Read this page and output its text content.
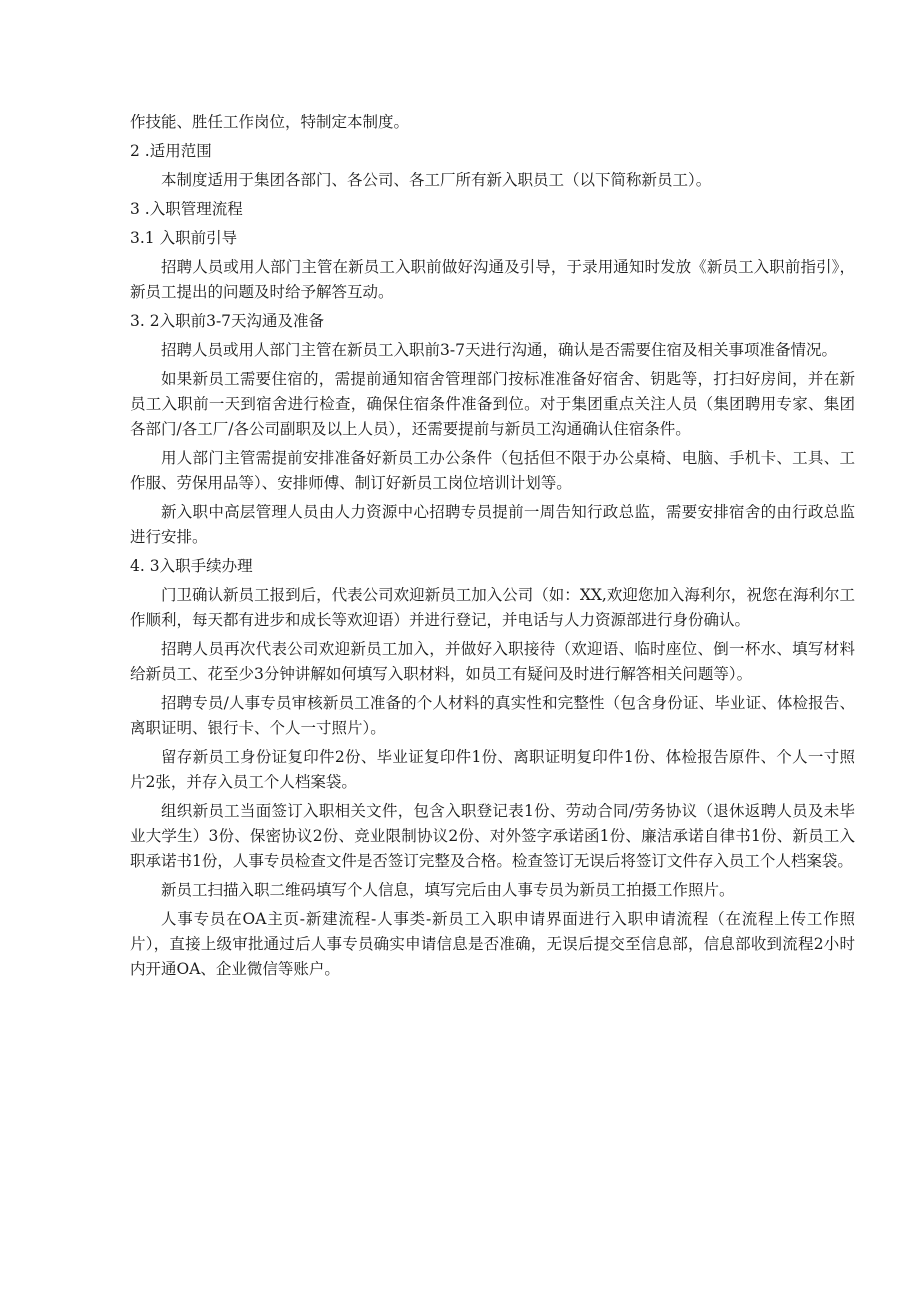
作技能、胜任工作岗位，特制定本制度。
2 .适用范围

本制度适用于集团各部门、各公司、各工厂所有新入职员工（以下简称新员工）。

3 .入职管理流程
3.1 入职前引导

招聘人员或用人部门主管在新员工入职前做好沟通及引导，于录用通知时发放《新员工入职前指引》，新员工提出的问题及时给予解答互动。

3. 2入职前3-7天沟通及准备

招聘人员或用人部门主管在新员工入职前3-7天进行沟通，确认是否需要住宿及相关事项准备情况。

如果新员工需要住宿的，需提前通知宿舍管理部门按标准准备好宿舍、钥匙等，打扫好房间，并在新员工入职前一天到宿舍进行检查，确保住宿条件准备到位。对于集团重点关注人员（集团聘用专家、集团各部门/各工厂/各公司副职及以上人员），还需要提前与新员工沟通确认住宿条件。

用人部门主管需提前安排准备好新员工办公条件（包括但不限于办公桌椅、电脑、手机卡、工具、工作服、劳保用品等）、安排师傅、制订好新员工岗位培训计划等。

新入职中高层管理人员由人力资源中心招聘专员提前一周告知行政总监，需要安排宿舍的由行政总监进行安排。

4. 3入职手续办理

门卫确认新员工报到后，代表公司欢迎新员工加入公司（如：XX,欢迎您加入海利尔，祝您在海利尔工作顺利，每天都有进步和成长等欢迎语）并进行登记，并电话与人力资源部进行身份确认。

招聘人员再次代表公司欢迎新员工加入，并做好入职接待（欢迎语、临时座位、倒一杯水、填写材料给新员工、花至少3分钟讲解如何填写入职材料，如员工有疑问及时进行解答相关问题等）。

招聘专员/人事专员审核新员工准备的个人材料的真实性和完整性（包含身份证、毕业证、体检报告、离职证明、银行卡、个人一寸照片）。

留存新员工身份证复印件2份、毕业证复印件1份、离职证明复印件1份、体检报告原件、个人一寸照片2张，并存入员工个人档案袋。

组织新员工当面签订入职相关文件，包含入职登记表1份、劳动合同/劳务协议（退休返聘人员及未毕业大学生）3份、保密协议2份、竞业限制协议2份、对外签字承诺函1份、廉洁承诺自律书1份、新员工入职承诺书1份，人事专员检查文件是否签订完整及合格。检查签订无误后将签订文件存入员工个人档案袋。

新员工扫描入职二维码填写个人信息，填写完后由人事专员为新员工拍摄工作照片。

人事专员在OA主页-新建流程-人事类-新员工入职申请界面进行入职申请流程（在流程上传工作照片），直接上级审批通过后人事专员确实申请信息是否准确，无误后提交至信息部，信息部收到流程2小时内开通OA、企业微信等账户。
